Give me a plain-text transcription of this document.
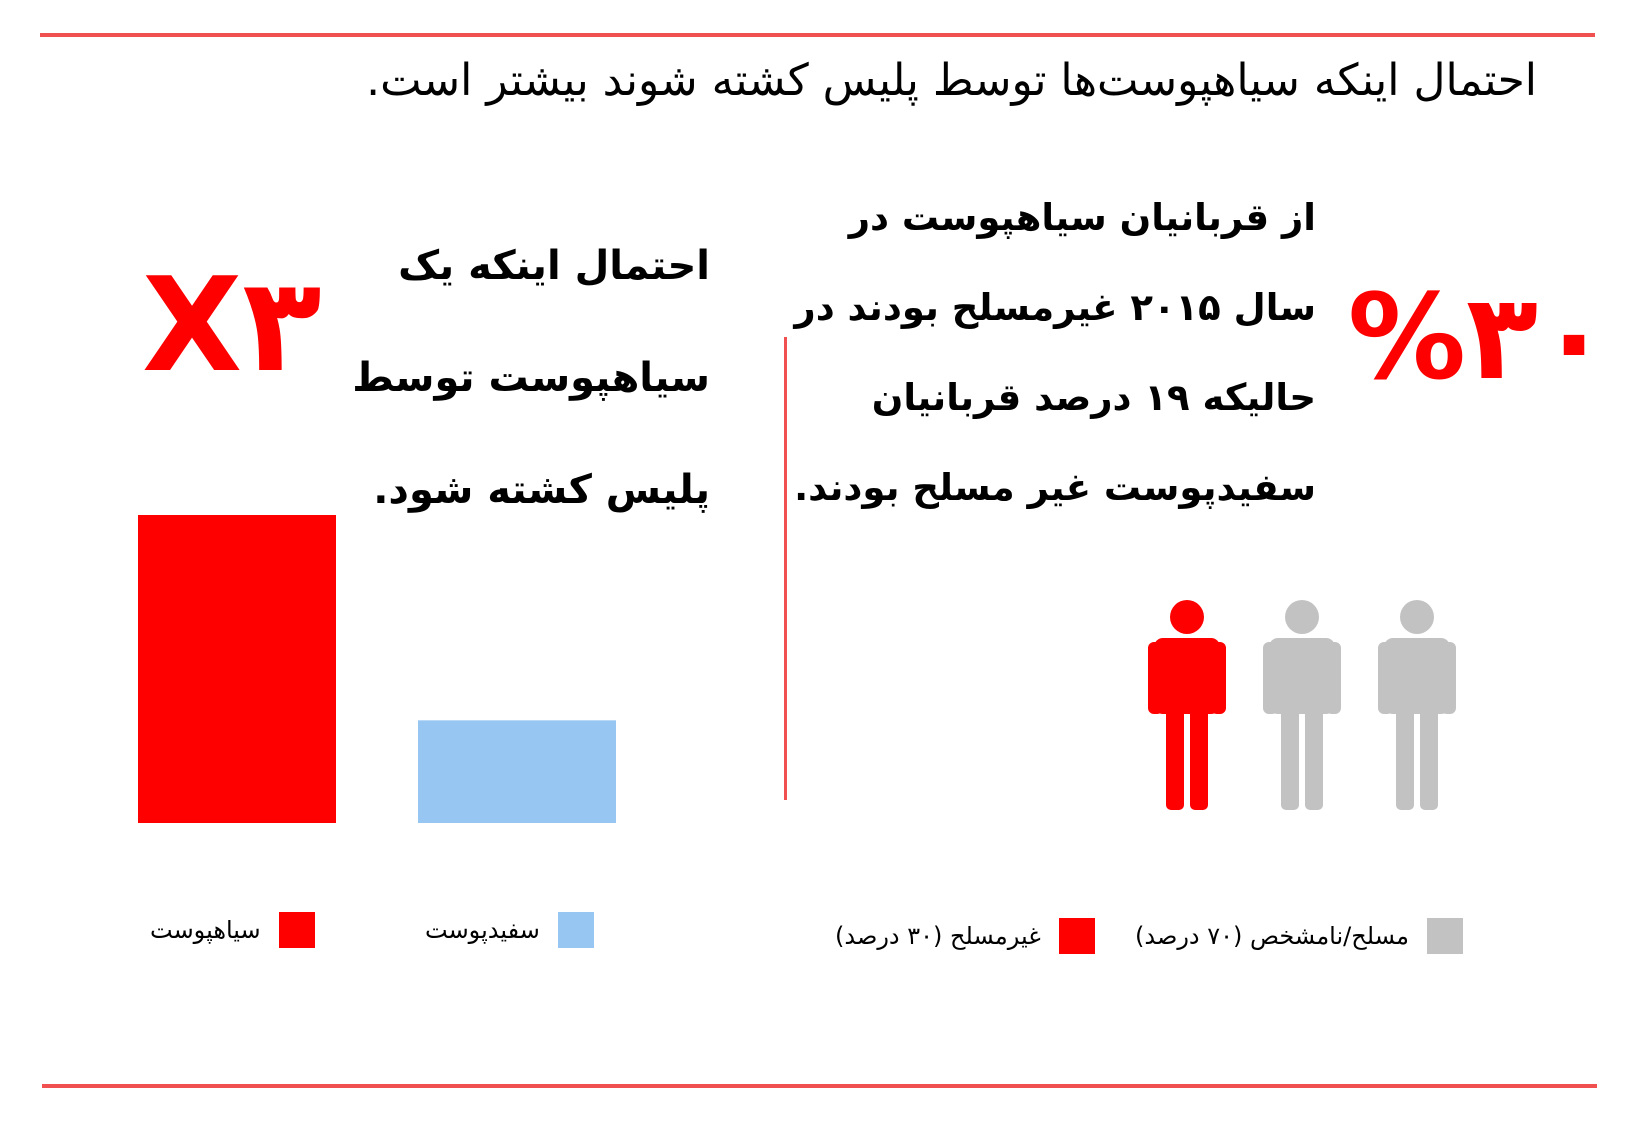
احتمال اینکه سیاهپوست‌ها توسط پلیس کشته شوند بیشتر است.
X۳	احتمال اینکه یک
سیاهپوست توسط
پلیس کشته شود.
سیاهپوست	سفیدپوست
از قربانیان سیاهپوست در
سال ۲۰۱۵ غیرمسلح بودند در
حالیکه ۱۹ درصد قربانیان
سفیدپوست غیر مسلح بودند.
%۳۰
مسلح/نامشخص (۷۰ درصد)
غیرمسلح (۳۰ درصد)
